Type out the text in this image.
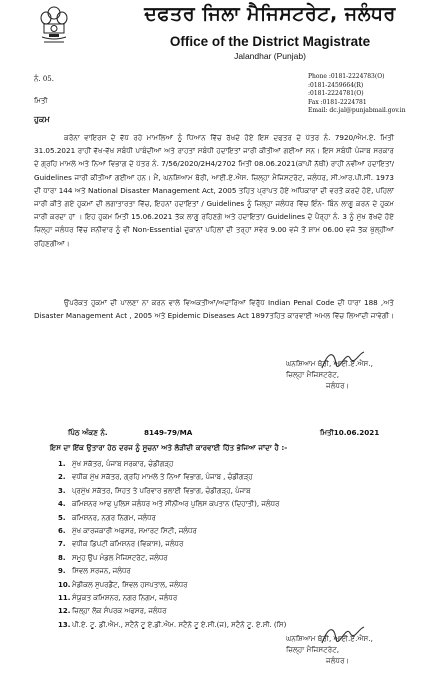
ਦਫਤਰ ਜਿਲਾ ਮੈਜਿਸਟਰੇਟ, ਜਲੰਧਰ
Office of the District Magistrate
Jalandhar (Punjab)
ਨੰ. 05.
ਮਿਤੀ
Phone :0181-2224783(O)
:0181-2459664(R)
:0181-2224781(O)
Fax :0181-2224781
Email: dc.jal@punjabmail.gov.in
ਹੁਕਮ
ਕਰੋਨਾ ਵਾਇਰਸ ਦੇ ਵੱਧ ਰਹੇ ਮਾਮਲਿਆਂ ਨੂੰ ਧਿਆਨ ਵਿੱਚ ਰੱਖਦੇ ਹੋਏ ਇਸ ਦਫਤਰ ਦੇ ਪੱਤਰ ਨੰ. 7920/ਐਮ.ਏ. ਮਿਤੀ 31.05.2021 ਰਾਹੀਂ ਵੱਖ-ਵੱਖ ਸਬੰਧੀ ਪਾਬੰਦੀਆਂ ਅਤੇ ਰਾਹਤਾਂ ਸਬੰਧੀ ਹਦਾਇਤਾਂ ਜਾਰੀ ਕੀਤੀਆਂ ਗਈਆਂ ਸਨ। ਇਸ ਸਬੰਧੀ ਪੰਜਾਬ ਸਰਕਾਰ ਦੇ ਗ੍ਰਹਿ ਮਾਮਲੇ ਅਤੇ ਨਿਆਂ ਵਿਭਾਗ ਦੇ ਪੱਤਰ ਨੰ. 7/56/2020/2H4/2702 ਮਿਤੀ 08.06.2021(ਕਾਪੀ ਨੱਥੀ) ਰਾਹੀਂ ਨਵੀਆਂ ਹਦਾਇਤਾਂ/ Guidelines ਜਾਰੀ ਕੀਤੀਆਂ ਗਈਆਂ ਹਨ। ਮੈਂ, ਘਨਸ਼ਿਆਮ ਥੋਰੀ, ਆਈ.ਏ.ਐਸ. ਜ਼ਿਲ੍ਹਾ ਮੈਜਿਸਟਰੇਟ, ਜਲੰਧਰ, ਸੀ.ਆਰ.ਪੀ.ਸੀ. 1973 ਦੀ ਧਾਰਾ 144 ਅਤੇ National Disaster Management Act, 2005 ਤਹਿਤ ਪ੍ਰਾਪਤ ਹੋਏ ਅਧਿਕਾਰਾਂ ਦੀ ਵਰਤੋਂ ਕਰਦੇ ਹੋਏ, ਪਹਿਲਾਂ ਜਾਰੀ ਕੀਤੇ ਗਏ ਹੁਕਮਾਂ ਦੀ ਲਗਾਤਾਰਤਾ ਵਿੱਚ, ਇਹਨਾਂ ਹਦਾਇਤਾਂ / Guidelines ਨੂੰ ਜ਼ਿਲ੍ਹਾ ਜਲੰਧਰ ਵਿੱਚ ਇੰਨ- ਬਿੰਨ ਲਾਗੂ ਕਰਨ ਦੇ ਹੁਕਮ ਜਾਰੀ ਕਰਦਾ ਹਾਂ । ਇਹ ਹੁਕਮ ਮਿਤੀ 15.06.2021 ਤੱਕ ਲਾਗੂ ਰਹਿਣਗੇ ਅਤੇ ਹਦਾਇਤਾਂ/ Guidelines ਦੇ ਪੈਰ੍ਹਾ ਨੰ. 3 ਨੂੰ ਮੁੱਖ ਰੱਖਦੇ ਹੋਏ ਜ਼ਿਲ੍ਹਾ ਜਲੰਧਰ ਵਿੱਚ ਸ਼ਨੀਵਾਰ ਨੂੰ ਵੀ Non-Essential ਦੁਕਾਨਾਂ ਪਹਿਲਾਂ ਦੀ ਤਰ੍ਹਾਂ ਸਵੇਰ 9.00 ਵਜੇ ਤੋਂ ਸ਼ਾਮ 06.00 ਵਜੇ ਤੱਕ ਖੁੱਲ੍ਹੀਆਂ ਰਹਿਣਗੀਆਂ।
ਉਪਰੋਕਤ ਹੁਕਮਾਂ ਦੀ ਪਾਲਣਾ ਨਾ ਕਰਨ ਵਾਲੇ ਵਿਅਕਤੀਆਂ/ਅਦਾਰਿਆਂ ਵਿਰੁੱਧ Indian Penal Code ਦੀ ਧਾਰਾ 188 ,ਅਤੇ Disaster Management Act , 2005 ਅਤੇ Epidemic Diseases Act 1897ਤਹਿਤ ਕਾਰਵਾਈ ਅਮਲ ਵਿੱਚ ਲਿਆਂਦੀ ਜਾਵੇਗੀ।
ਘਨਸ਼ਿਆਮ ਥੋਰੀ, ਆਈ.ਏ.ਐਸ.,
ਜ਼ਿਲ੍ਹਾ ਮੈਜਿਸਟਰੇਟ,
ਜਲੰਧਰ।
ਪਿੰਠ ਅੰਕਣ ਨੰ.	8149-79/MA	ਮਿਤੀ10.06.2021
ਇਸ ਦਾ ਇੱਕ ਉਤਾਰਾ ਹੇਠ ਦਰਜ ਨੂੰ ਸੂਚਨਾ ਅਤੇ ਲੋੜੀਂਦੀ ਕਾਰਵਾਈ ਹਿੱਤ ਭੇਜਿਆ ਜਾਂਦਾ ਹੈ :-
1. ਮੁੱਖ ਸਕੱਤਰ, ਪੰਜਾਬ ਸਰਕਾਰ, ਚੰਡੀਗੜ੍ਹ
2. ਵਧੀਕ ਮੁੱਖ ਸਕੱਤਰ, ਗ੍ਰਹਿ ਮਾਮਲੇ ਤੇ ਨਿਆਂ ਵਿਭਾਗ, ਪੰਜਾਬ , ਚੰਡੀਗੜ੍ਹ
3. ਪ੍ਰਮੁੱਖ ਸਕੱਤਰ, ਸਿਹਤ ਤੇ ਪਰਿਵਾਰ ਭਲਾਈ ਵਿਭਾਗ, ਚੰਡੀਗੜ੍ਹ, ਪੰਜਾਬ
4. ਕਮਿਸ਼ਨਰ ਆਫ ਪੁਲਿਸ ਜਲੰਧਰ ਅਤੇ ਸੀਨੀਅਰ ਪੁਲਿਸ ਕਪਤਾਨ (ਦਿਹਾਤੀ), ਜਲੰਧਰ
5. ਕਮਿਸ਼ਨਰ, ਨਗਰ ਨਿਗਮ, ਜਲੰਧਰ
6. ਮੁੱਖ ਕਾਰਜਕਾਰੀ ਅਫਸਰ, ਸਮਾਰਟ ਸਿਟੀ, ਜਲੰਧਰ
7. ਵਧੀਕ ਡਿਪਟੀ ਕਮਿਸ਼ਨਰ (ਵਿਕਾਸ), ਜਲੰਧਰ
8. ਸਮੂਹ ਉਪ ਮੰਡਲ ਮੈਜਿਸਟਰੇਟ, ਜਲੰਧਰ
9. ਸਿਵਲ ਸਰਜਨ, ਜਲੰਧਰ
10. ਮੈਡੀਕਲ ਸੁਪਰਡੈਂਟ, ਸਿਵਲ ਹਸਪਤਾਲ, ਜਲੰਧਰ
11. ਸੰਯੁਕਤ ਕਮਿਸ਼ਨਰ, ਨਗਰ ਨਿਗਮ, ਜਲੰਧਰ
12. ਜ਼ਿਲ੍ਹਾ ਲੋਕ ਸੰਪਰਕ ਅਫਸਰ, ਜਲੰਧਰ
13. ਪੀ.ਏ. ਟੂ. ਡੀ.ਐਮ., ਸਟੈਨੋ ਟੂ ਏ.ਡੀ.ਐਮ. ਸਟੈਨੋ ਟੂ ਏ.ਸੀ.(ਜ), ਸਟੈਨੋ ਟੂ. ਏ.ਸੀ. (ਸਿ)
ਘਨਸ਼ਿਆਮ ਥੋਰੀ, ਆਈ.ਏ.ਐਸ.,
ਜ਼ਿਲ੍ਹਾ ਮੈਜਿਸਟਰੇਟ,
ਜਲੰਧਰ।
